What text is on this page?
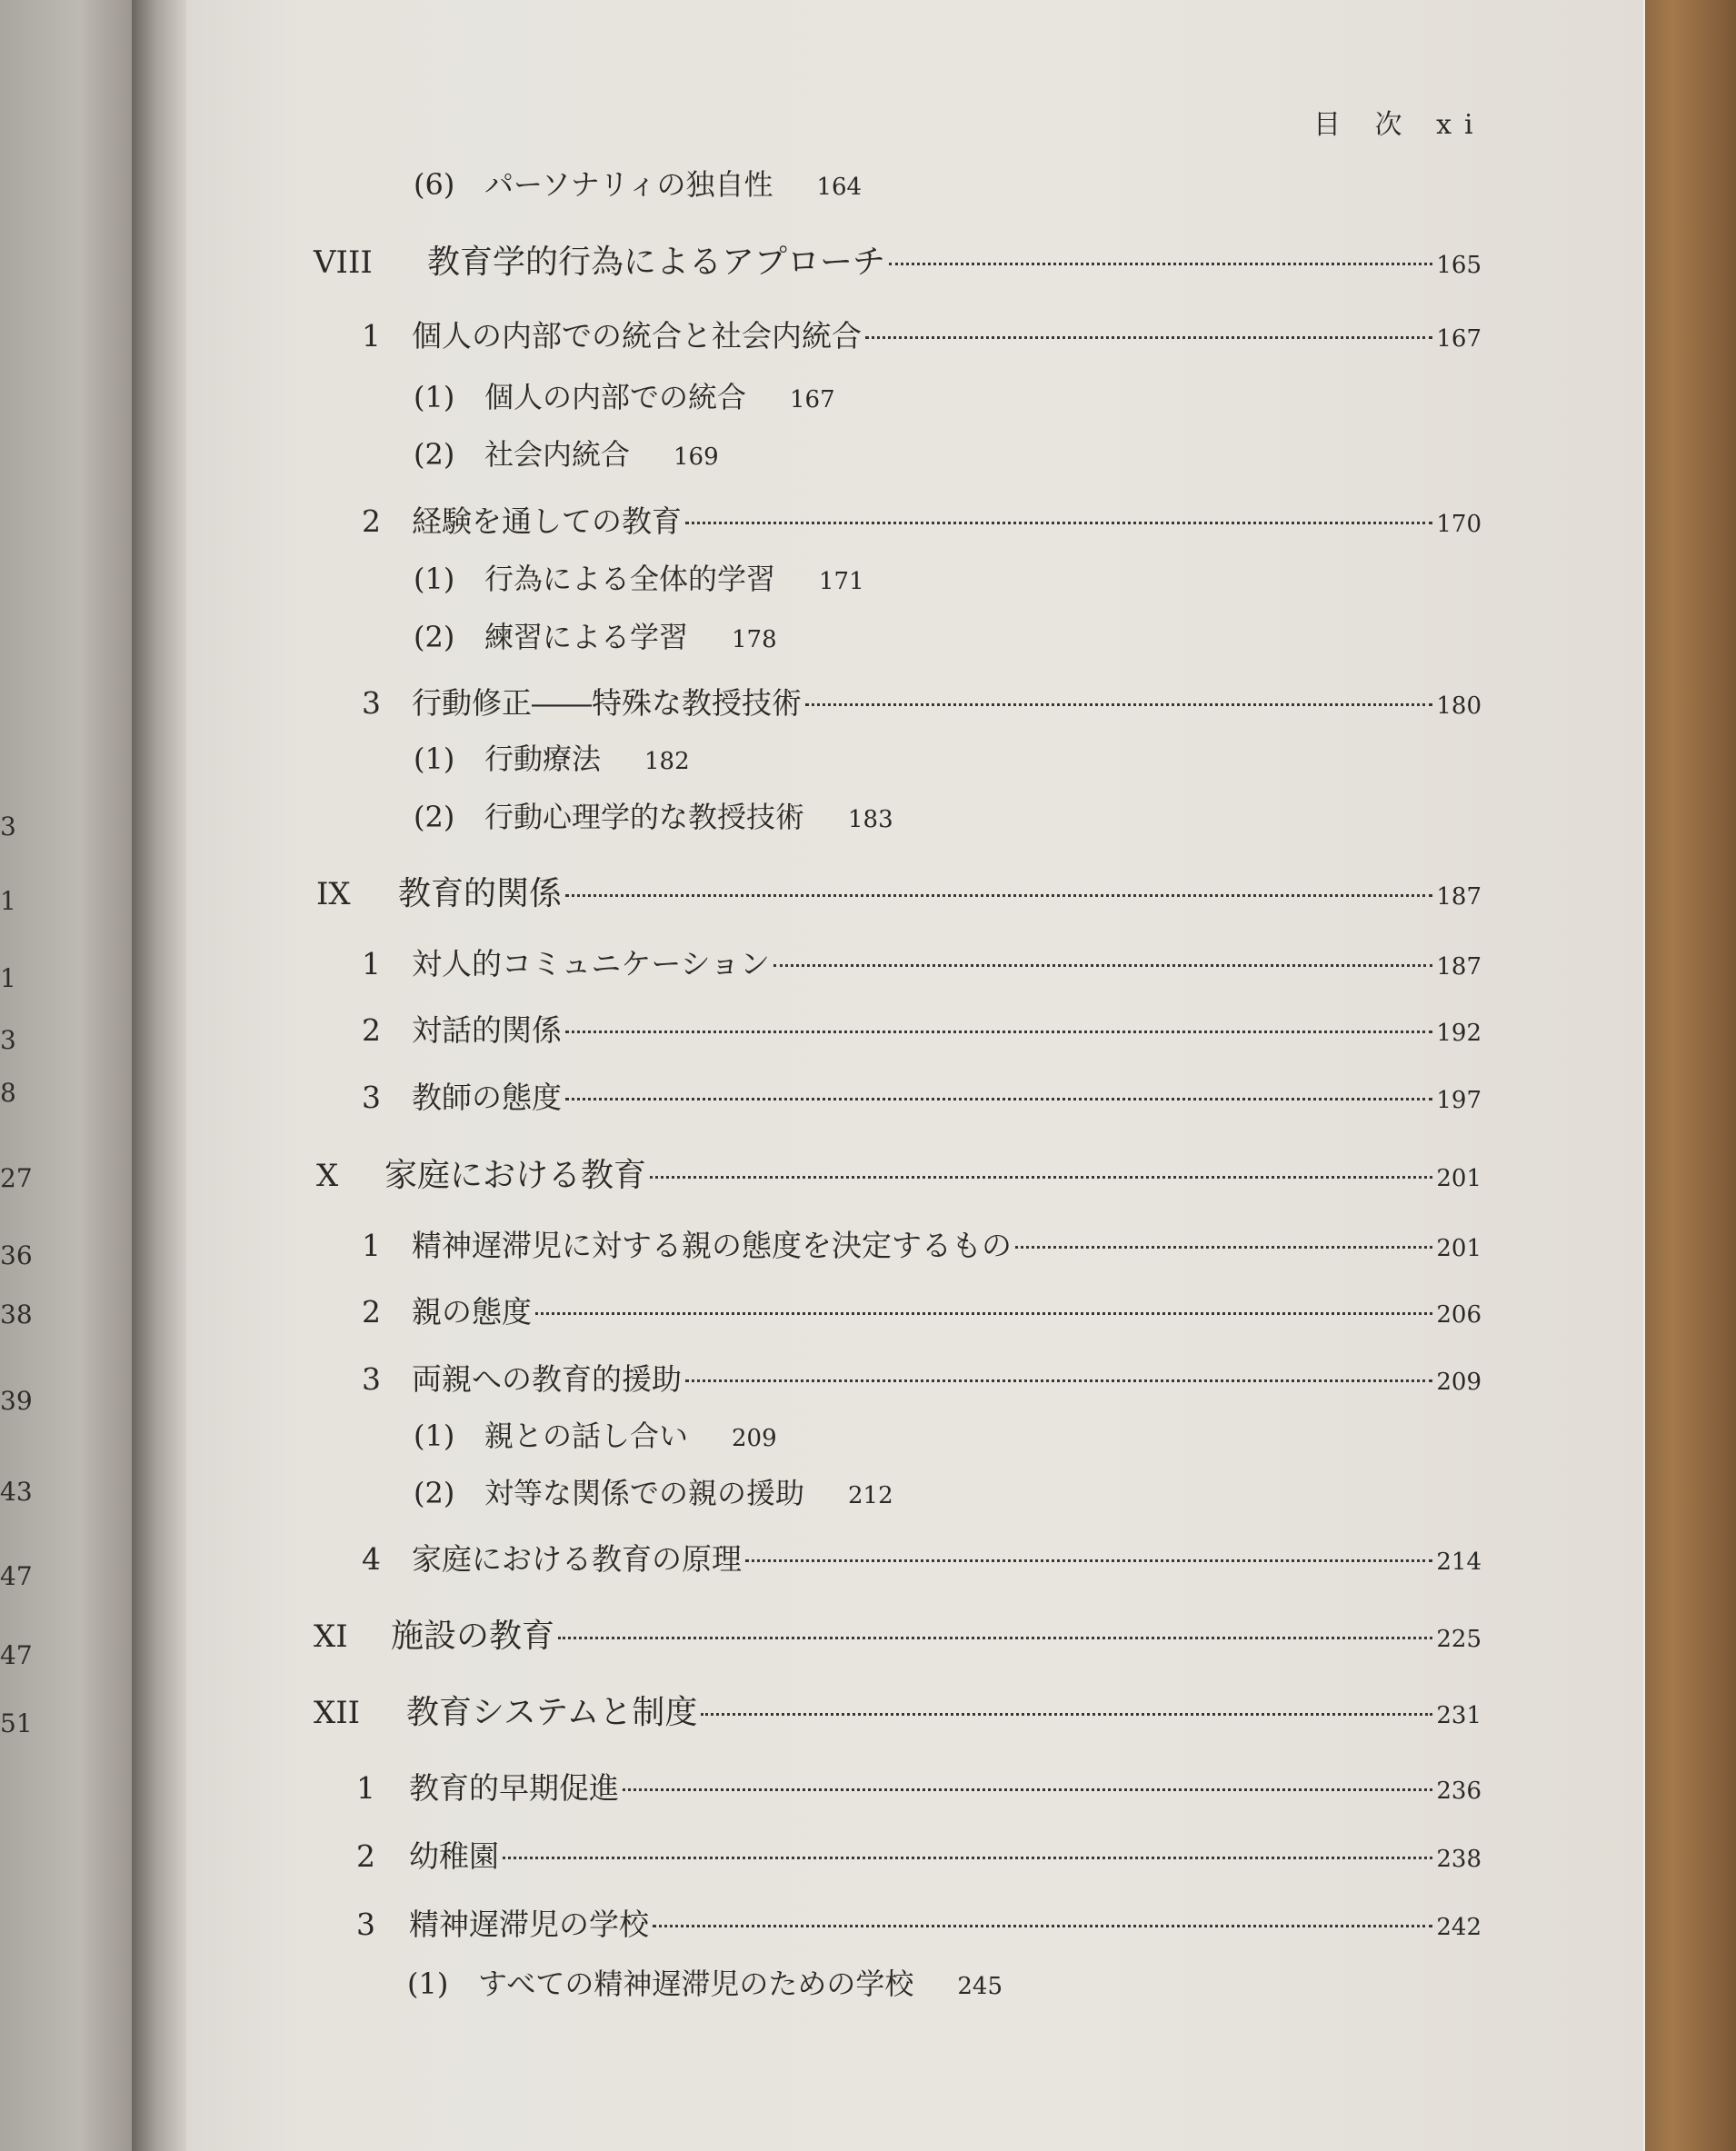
3
1
1
3
8
27
36
38
39
43
47
47
51
目 次 xi
(6)	パーソナリィの独自性 164
VIII	教育学的行為によるアプローチ	165
1	個人の内部での統合と社会内統合	167
(1)	個人の内部での統合 167
(2)	社会内統合 169
2	経験を通しての教育	170
(1)	行為による全体的学習 171
(2)	練習による学習 178
3	行動修正――特殊な教授技術	180
(1)	行動療法 182
(2)	行動心理学的な教授技術 183
IX	教育的関係	187
1	対人的コミュニケーション	187
2	対話的関係	192
3	教師の態度	197
X	家庭における教育	201
1	精神遅滞児に対する親の態度を決定するもの	201
2	親の態度	206
3	両親への教育的援助	209
(1)	親との話し合い 209
(2)	対等な関係での親の援助 212
4	家庭における教育の原理	214
XI	施設の教育	225
XII	教育システムと制度	231
1	教育的早期促進	236
2	幼稚園	238
3	精神遅滞児の学校	242
(1)	すべての精神遅滞児のための学校 245
